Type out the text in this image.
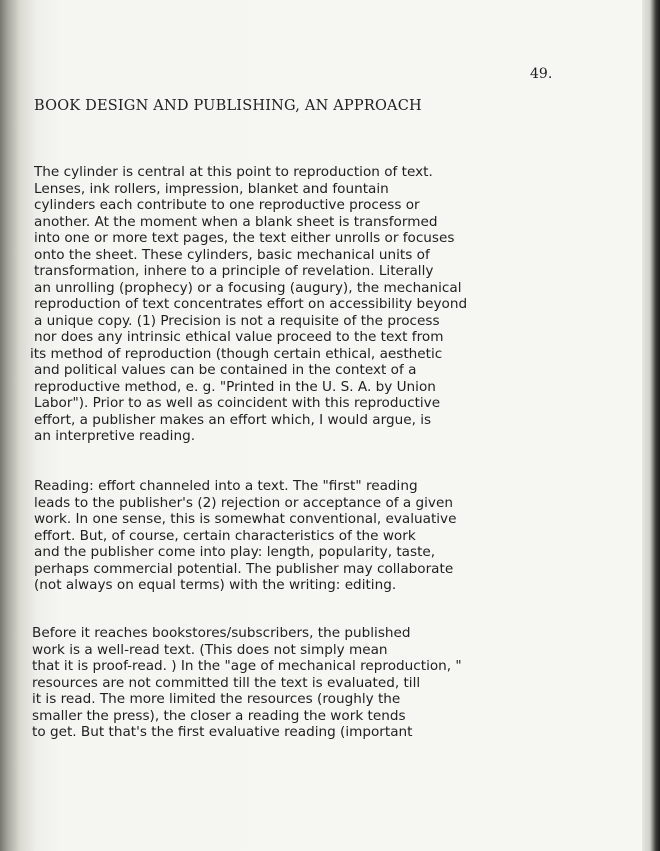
49.
BOOK DESIGN AND PUBLISHING, AN APPROACH
The cylinder is central at this point to reproduction of text.
Lenses, ink rollers, impression, blanket and fountain
cylinders each contribute to one reproductive process or
another. At the moment when a blank sheet is transformed
into one or more text pages, the text either unrolls or focuses
onto the sheet. These cylinders, basic mechanical units of
transformation, inhere to a principle of revelation. Literally
an unrolling (prophecy) or a focusing (augury), the mechanical
reproduction of text concentrates effort on accessibility beyond
a unique copy. (1) Precision is not a requisite of the process
nor does any intrinsic ethical value proceed to the text from
its method of reproduction (though certain ethical, aesthetic
and political values can be contained in the context of a
reproductive method, e. g. "Printed in the U. S. A. by Union
Labor"). Prior to as well as coincident with this reproductive
effort, a publisher makes an effort which, I would argue, is
an interpretive reading.
Reading: effort channeled into a text. The "first" reading
leads to the publisher's (2) rejection or acceptance of a given
work. In one sense, this is somewhat conventional, evaluative
effort. But, of course, certain characteristics of the work
and the publisher come into play: length, popularity, taste,
perhaps commercial potential. The publisher may collaborate
(not always on equal terms) with the writing: editing.
Before it reaches bookstores/subscribers, the published
work is a well-read text. (This does not simply mean
that it is proof-read. ) In the "age of mechanical reproduction, "
resources are not committed till the text is evaluated, till
it is read. The more limited the resources (roughly the
smaller the press), the closer a reading the work tends
to get. But that's the first evaluative reading (important
